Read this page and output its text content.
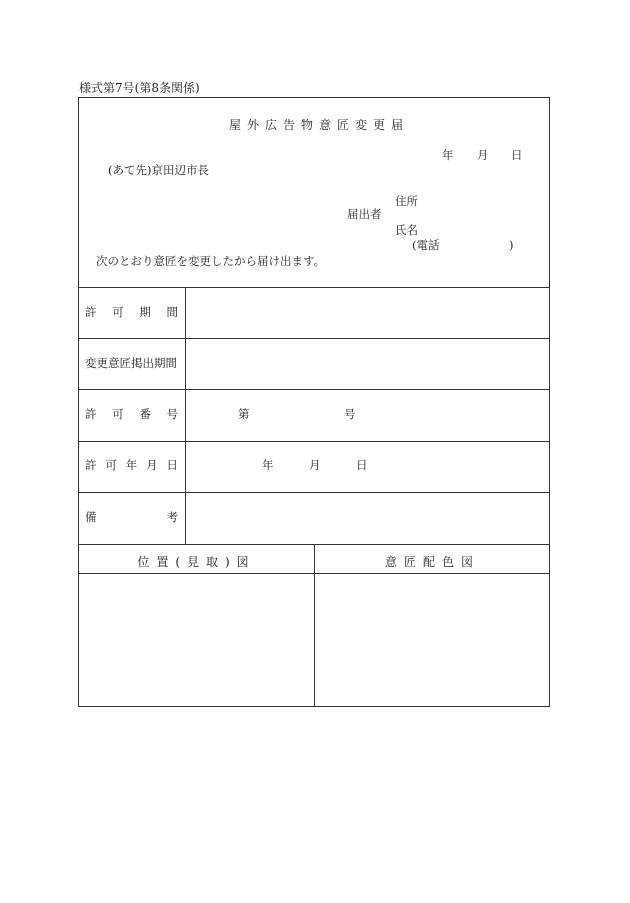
様式第7号(第8条関係)
屋外広告物意匠変更届
年 月 日
(あて先)京田辺市長
住所
届出者
氏名
(電話	)
次のとおり意匠を変更したから届け出ます。
許 可 期 間
変更意匠掲出期間
許 可 番 号	第	号
許 可 年 月 日	年	月	日
備	考
位置(見取)図	意匠配色図
